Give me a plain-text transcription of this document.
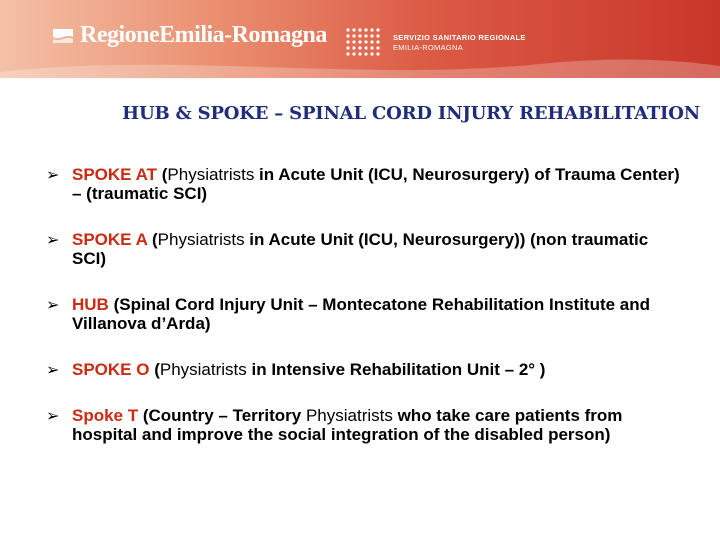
RegioneEmilia-Romagna	SERVIZIO SANITARIO REGIONALE
EMILIA-ROMAGNA
HUB & SPOKE – SPINAL CORD INJURY REHABILITATION
➢ SPOKE AT (Physiatrists in Acute Unit (ICU, Neurosurgery) of Trauma Center) – (traumatic SCI)
➢ SPOKE A (Physiatrists in Acute Unit (ICU, Neurosurgery)) (non traumatic SCI)
➢ HUB (Spinal Cord Injury Unit – Montecatone Rehabilitation Institute and Villanova d’Arda)
➢ SPOKE O (Physiatrists in Intensive Rehabilitation Unit – 2° )
➢ Spoke T (Country – Territory Physiatrists who take care patients from hospital and improve the social integration of the disabled person)
